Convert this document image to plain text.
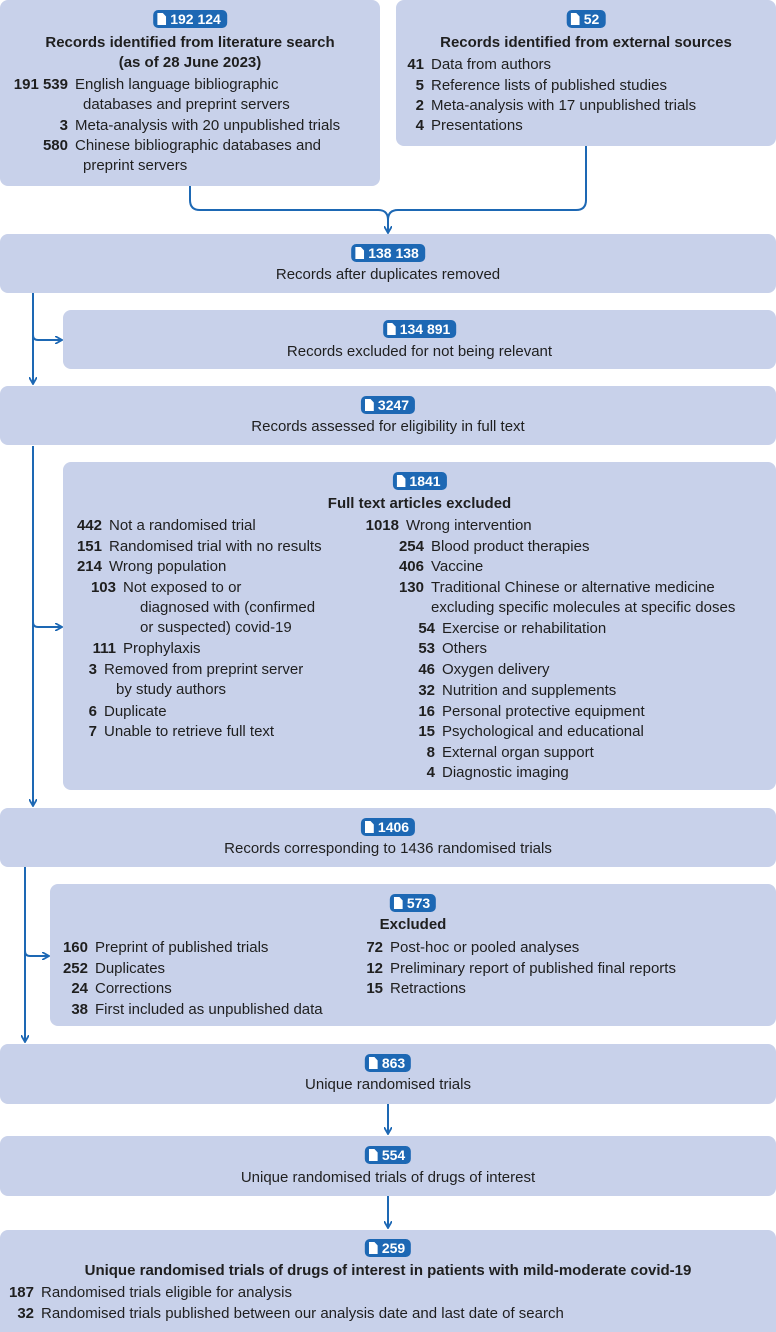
192 124
Records identified from literature search
(as of 28 June 2023)
191 539 English language bibliographic
databases and preprint servers
3 Meta-analysis with 20 unpublished trials
580 Chinese bibliographic databases and
preprint servers
52
Records identified from external sources
41 Data from authors
5 Reference lists of published studies
2 Meta-analysis with 17 unpublished trials
4 Presentations
138 138
Records after duplicates removed
134 891
Records excluded for not being relevant
3247
Records assessed for eligibility in full text
1841
Full text articles excluded
442 Not a randomised trial
151 Randomised trial with no results
214 Wrong population
103 Not exposed to or
diagnosed with (confirmed
or suspected) covid-19
111 Prophylaxis
3 Removed from preprint server
by study authors
6 Duplicate
7 Unable to retrieve full text
1018 Wrong intervention
254 Blood product therapies
406 Vaccine
130 Traditional Chinese or alternative medicine
excluding specific molecules at specific doses
54 Exercise or rehabilitation
53 Others
46 Oxygen delivery
32 Nutrition and supplements
16 Personal protective equipment
15 Psychological and educational
8 External organ support
4 Diagnostic imaging
1406
Records corresponding to 1436 randomised trials
573
Excluded
160 Preprint of published trials
252 Duplicates
24 Corrections
38 First included as unpublished data
72 Post-hoc or pooled analyses
12 Preliminary report of published final reports
15 Retractions
863
Unique randomised trials
554
Unique randomised trials of drugs of interest
259
Unique randomised trials of drugs of interest in patients with mild-moderate covid-19
187 Randomised trials eligible for analysis
32 Randomised trials published between our analysis date and last date of search
